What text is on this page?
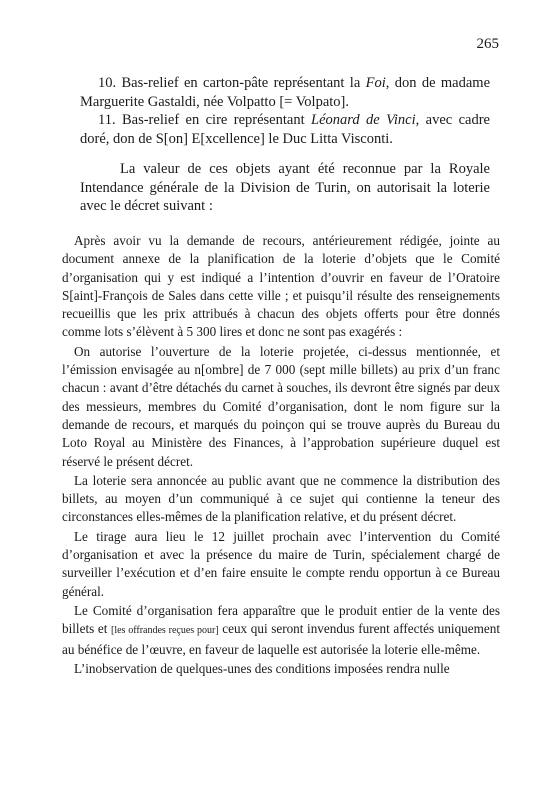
265

10. Bas-relief en carton-pâte représentant la Foi, don de madame Marguerite Gastaldi, née Volpatto [= Volpato].

11. Bas-relief en cire représentant Léonard de Vinci, avec cadre doré, don de S[on] E[xcellence] le Duc Litta Visconti.

La valeur de ces objets ayant été reconnue par la Royale Intendance générale de la Division de Turin, on autorisait la loterie avec le décret suivant :

Après avoir vu la demande de recours, antérieurement rédigée, jointe au document annexe de la planification de la loterie d’objets que le Comité d’organisation qui y est indiqué a l’intention d’ouvrir en faveur de l’Oratoire S[aint]-François de Sales dans cette ville ; et puisqu’il résulte des renseignements recueillis que les prix attribués à chacun des objets offerts pour être donnés comme lots s’élèvent à 5 300 lires et donc ne sont pas exagérés :

On autorise l’ouverture de la loterie projetée, ci-dessus mentionnée, et l’émission envisagée au n[ombre] de 7 000 (sept mille billets) au prix d’un franc chacun : avant d’être détachés du carnet à souches, ils devront être signés par deux des messieurs, membres du Comité d’organisation, dont le nom figure sur la demande de recours, et marqués du poinçon qui se trouve auprès du Bureau du Loto Royal au Ministère des Finances, à l’approbation supérieure duquel est réservé le présent décret.

La loterie sera annoncée au public avant que ne commence la distribution des billets, au moyen d’un communiqué à ce sujet qui contienne la teneur des circonstances elles-mêmes de la planification relative, et du présent décret.

Le tirage aura lieu le 12 juillet prochain avec l’intervention du Comité d’organisation et avec la présence du maire de Turin, spécialement chargé de surveiller l’exécution et d’en faire ensuite le compte rendu opportun à ce Bureau général.

Le Comité d’organisation fera apparaître que le produit entier de la vente des billets et [les offrandes reçues pour] ceux qui seront invendus furent affectés uniquement au bénéfice de l’œuvre, en faveur de laquelle est autorisée la loterie elle-même.

L’inobservation de quelques-unes des conditions imposées rendra nulle
